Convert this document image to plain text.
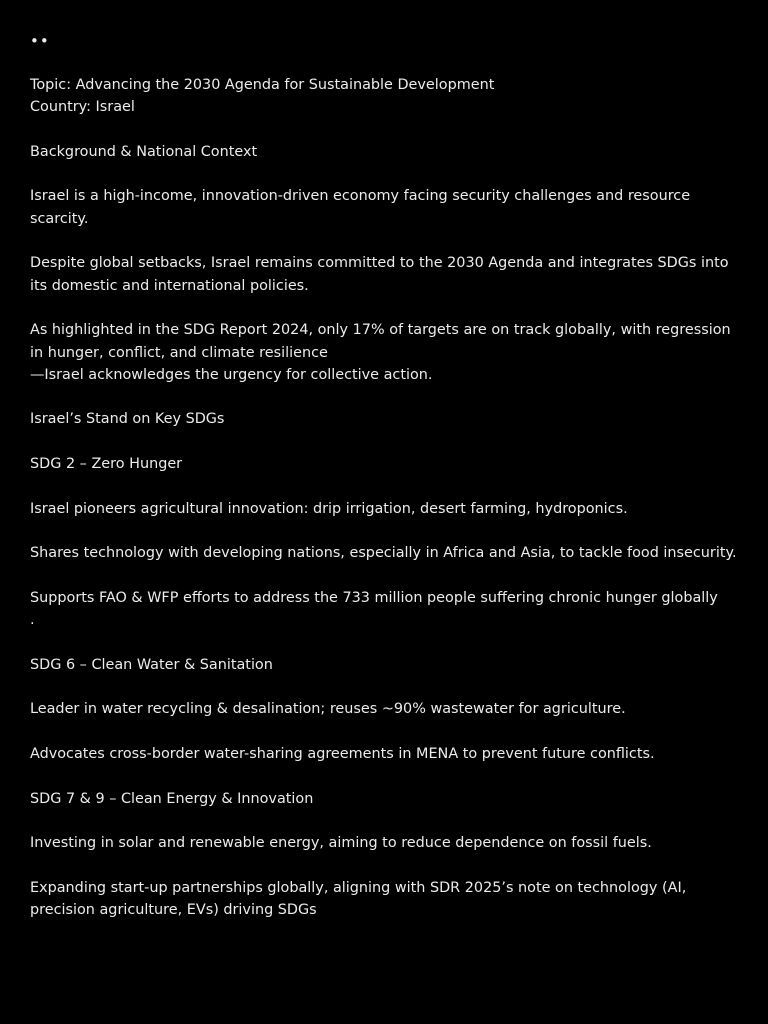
••
Topic: Advancing the 2030 Agenda for Sustainable Development
Country: Israel
Background & National Context
Israel is a high-income, innovation-driven economy facing security challenges and resource scarcity.
Despite global setbacks, Israel remains committed to the 2030 Agenda and integrates SDGs into its domestic and international policies.
As highlighted in the SDG Report 2024, only 17% of targets are on track globally, with regression in hunger, conflict, and climate resilience
—Israel acknowledges the urgency for collective action.
Israel’s Stand on Key SDGs
SDG 2 – Zero Hunger
Israel pioneers agricultural innovation: drip irrigation, desert farming, hydroponics.
Shares technology with developing nations, especially in Africa and Asia, to tackle food insecurity.
Supports FAO & WFP efforts to address the 733 million people suffering chronic hunger globally
.
SDG 6 – Clean Water & Sanitation
Leader in water recycling & desalination; reuses ~90% wastewater for agriculture.
Advocates cross-border water-sharing agreements in MENA to prevent future conflicts.
SDG 7 & 9 – Clean Energy & Innovation
Investing in solar and renewable energy, aiming to reduce dependence on fossil fuels.
Expanding start-up partnerships globally, aligning with SDR 2025’s note on technology (AI, precision agriculture, EVs) driving SDGs
